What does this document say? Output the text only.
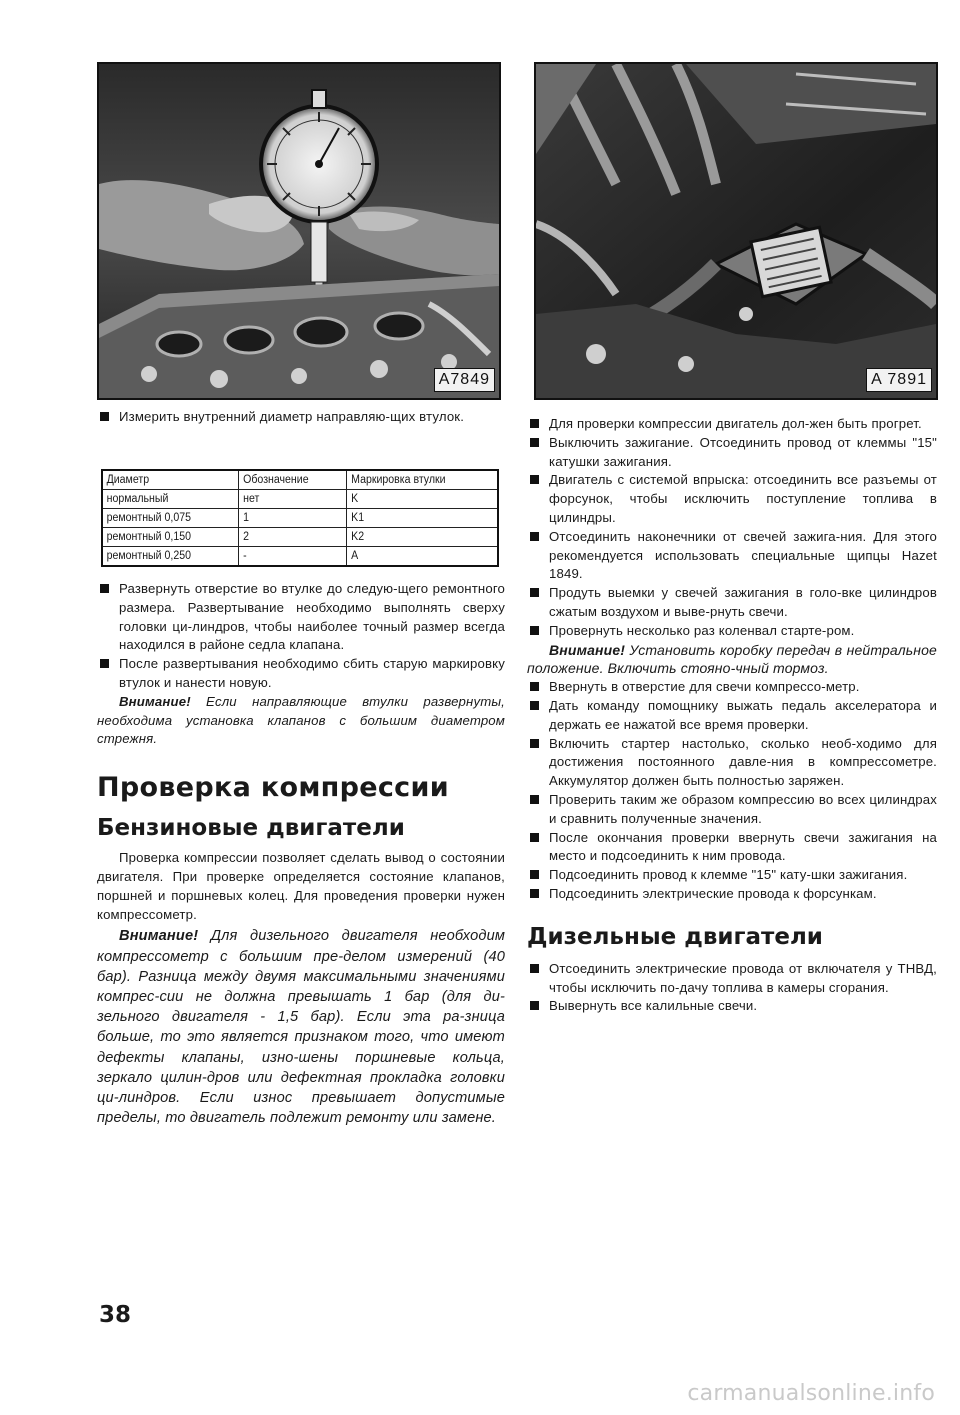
A7849

Измерить внутренний диаметр направляю-щих втулок.

Диаметр	Обозначение	Маркировка втулки
нормальный	нет	K
ремонтный 0,075	1	K1
ремонтный 0,150	2	K2
ремонтный 0,250	-	A

Развернуть отверстие во втулке до следую-щего ремонтного размера. Развертывание необходимо выполнять сверху головки ци-линдров, чтобы наиболее точный размер всегда находился в районе седла клапана.

После развертывания необходимо сбить старую маркировку втулок и нанести новую.

Внимание! Если направляющие втулки развернуты, необходима установка клапанов с большим диаметром стрежня.

Проверка компрессии
Бензиновые двигатели

Проверка компрессии позволяет сделать вывод о состоянии двигателя. При проверке определяется состояние клапанов, поршней и поршневых колец. Для проведения проверки нужен компрессометр.

Внимание! Для дизельного двигателя необходим компрессометр с большим пре-делом измерений (40 бар). Разница между двумя максимальными значениями компрес-сии не должна превышать 1 бар (для ди-зельного двигателя - 1,5 бар). Если эта ра-зница больше, то это является признаком того, что имеют дефекты клапаны, изно-шены поршневые кольца, зеркало цилин-дров или дефектная прокладка головки ци-линдров. Если износ превышает допустимые пределы, то двигатель подлежит ремонту или замене.

38
A 7891

Для проверки компрессии двигатель дол-жен быть прогрет.

Выключить зажигание. Отсоединить провод от клеммы "15" катушки зажигания.

Двигатель с системой впрыска: отсоединить все разъемы от форсунок, чтобы исключить поступление топлива в цилиндры.

Отсоединить наконечники от свечей зажига-ния. Для этого рекомендуется использовать специальные щипцы Hazet 1849.

Продуть выемки у свечей зажигания в голо-вке цилиндров сжатым воздухом и выве-рнуть свечи.

Провернуть несколько раз коленвал старте-ром.

Внимание! Установить коробку передач в нейтральное положение. Включить стояно-чный тормоз.

Ввернуть в отверстие для свечи компрессо-метр.

Дать команду помощнику выжать педаль акселератора и держать ее нажатой все время проверки.

Включить стартер настолько, сколько необ-ходимо для достижения постоянного давле-ния в компрессометре. Аккумулятор должен быть полностью заряжен.

Проверить таким же образом компрессию во всех цилиндрах и сравнить полученные значения.

После окончания проверки ввернуть свечи зажигания на место и подсоединить к ним провода.

Подсоединить провод к клемме "15" кату-шки зажигания.

Подсоединить электрические провода к форсункам.

Дизельные двигатели

Отсоединить электрические провода от включателя у ТНВД, чтобы исключить по-дачу топлива в камеры сгорания.

Вывернуть все калильные свечи.

carmanualsonline.info
